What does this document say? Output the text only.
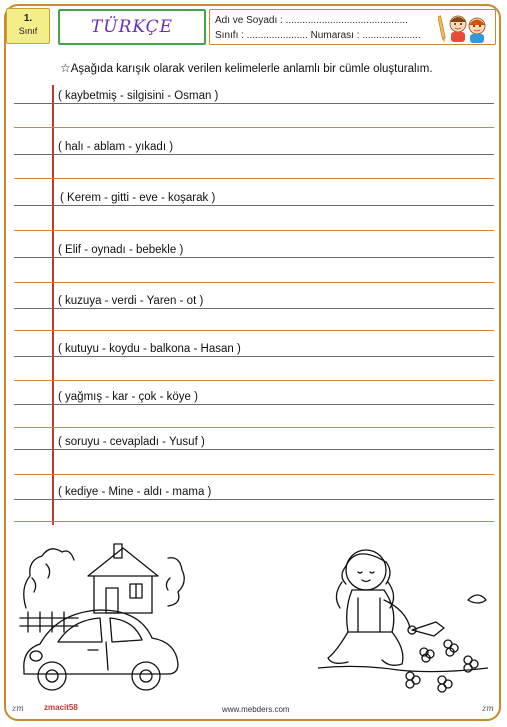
1.
Sınıf	TÜRKÇE	Adı ve Soyadı : ............................................
Sınıfı : ...................... Numarası : .....................
☆Aşağıda karışık olarak verilen kelimelerle anlamlı bir cümle oluşturalım.
( kaybetmiş - silgisini - Osman )
( halı - ablam - yıkadı )
( Kerem - gitti - eve - koşarak )
( Elif - oynadı - bebekle )
( kuzuya - verdi - Yaren - ot )
( kutuyu - koydu - balkona - Hasan )
( yağmış - kar - çok - köye )
( soruyu - cevapladı - Yusuf )
( kediye - Mine - aldı - mama )
zm	zmacit58	www.mebders.com	zm
